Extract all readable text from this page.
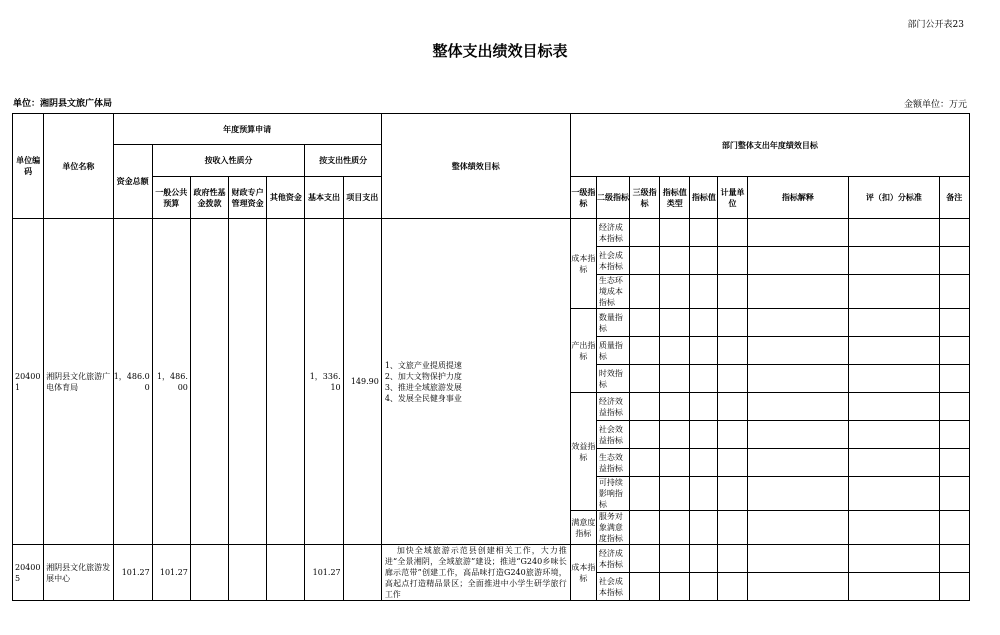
部门公开表23
整体支出绩效目标表
单位：湘阴县文旅广体局	金额单位：万元
单位编码	单位名称	年度预算申请							整体绩效目标	部门整体支出年度绩效目标								
		资金总额	按收入性质分				按支出性质分											
			一般公共预算	政府性基金拨款	财政专户管理资金	其他资金	基本支出	项目支出		一级指标	二级指标	三级指标	指标值类型	指标值	计量单位	指标解释	评（扣）分标准	备注
204001	湘阴县文化旅游广电体育局	1，486.00	1，486.00				1，336.10	149.90	1、文旅产业提质提速
2、加大文物保护力度
3、推进全域旅游发展
4、发展全民健身事业	成本指标	经济成本指标							
											社会成本指标							
											生态环境成本指标							
										产出指标	数量指标							
											质量指标							
											时效指标							
										效益指标	经济效益指标							
											社会效益指标							
											生态效益指标							
											可持续影响指标							
										满意度指标	服务对象满意度指标							
204005	湘阴县文化旅游发展中心	101.27	101.27				101.27		加快全域旅游示范县创建相关工作，大力推进“全景湘阴，全域旅游”建设；推进“G240乡味长廊示范带”创建工作，高品味打造G240旅游环境，高起点打造精品景区；全面推进中小学生研学旅行工作	成本指标	经济成本指标							
											社会成本指标							
